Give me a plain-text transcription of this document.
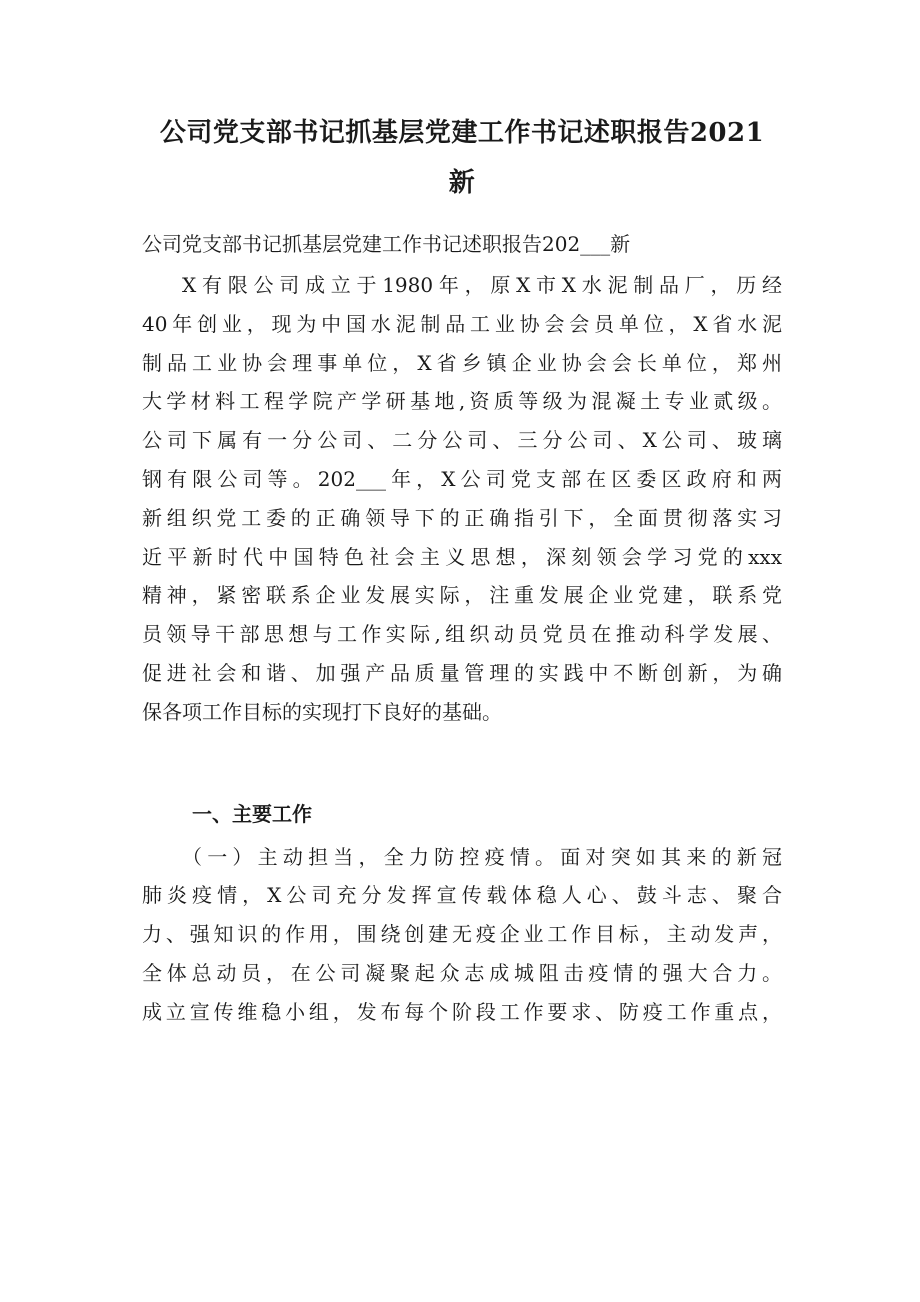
公司党支部书记抓基层党建工作书记述职报告2021
新

公司党支部书记抓基层党建工作书记述职报告202___新

X有限公司成立于1980年，原X市X水泥制品厂，历经
40年创业，现为中国水泥制品工业协会会员单位，X省水泥
制品工业协会理事单位，X省乡镇企业协会会长单位，郑州
大学材料工程学院产学研基地,资质等级为混凝土专业贰级。
公司下属有一分公司、二分公司、三分公司、X公司、玻璃
钢有限公司等。202___年，X公司党支部在区委区政府和两
新组织党工委的正确领导下的正确指引下，全面贯彻落实习
近平新时代中国特色社会主义思想，深刻领会学习党的xxx
精神，紧密联系企业发展实际，注重发展企业党建，联系党
员领导干部思想与工作实际,组织动员党员在推动科学发展、
促进社会和谐、加强产品质量管理的实践中不断创新，为确
保各项工作目标的实现打下良好的基础。

一、主要工作

（一）主动担当，全力防控疫情。面对突如其来的新冠
肺炎疫情，X公司充分发挥宣传载体稳人心、鼓斗志、聚合
力、强知识的作用，围绕创建无疫企业工作目标，主动发声，
全体总动员，在公司凝聚起众志成城阻击疫情的强大合力。
成立宣传维稳小组，发布每个阶段工作要求、防疫工作重点，
